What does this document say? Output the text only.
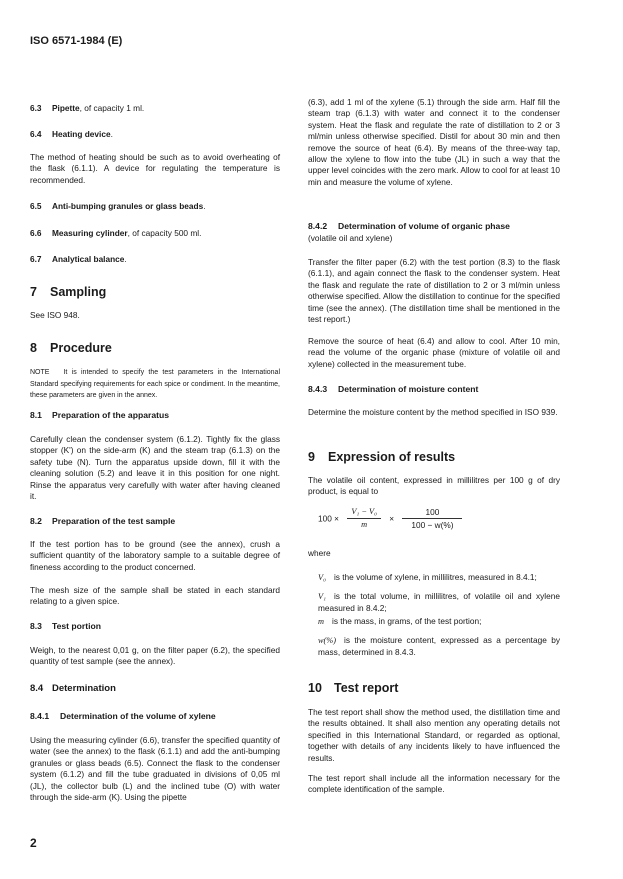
ISO 6571-1984 (E)
6.3 Pipette, of capacity 1 ml.
6.4 Heating device.
The method of heating should be such as to avoid overheating of the flask (6.1.1). A device for regulating the temperature is recommended.
6.5 Anti-bumping granules or glass beads.
6.6 Measuring cylinder, of capacity 500 ml.
6.7 Analytical balance.
7 Sampling
See ISO 948.
8 Procedure
NOTE It is intended to specify the test parameters in the International Standard specifying requirements for each spice or condiment. In the meantime, these parameters are given in the annex.
8.1 Preparation of the apparatus
Carefully clean the condenser system (6.1.2). Tightly fix the glass stopper (K') on the side-arm (K) and the steam trap (6.1.3) on the safety tube (N). Turn the apparatus upside down, fill it with the cleaning solution (5.2) and leave it in this position for one night. Rinse the apparatus very carefully with water after having cleaned it.
8.2 Preparation of the test sample
If the test portion has to be ground (see the annex), crush a sufficient quantity of the laboratory sample to a suitable degree of fineness according to the product concerned.
The mesh size of the sample shall be stated in each standard relating to a given spice.
8.3 Test portion
Weigh, to the nearest 0,01 g, on the filter paper (6.2), the specified quantity of test sample (see the annex).
8.4 Determination
8.4.1 Determination of the volume of xylene
Using the measuring cylinder (6.6), transfer the specified quantity of water (see the annex) to the flask (6.1.1) and add the anti-bumping granules or glass beads (6.5). Connect the flask to the condenser system (6.1.2) and fill the tube graduated in divisions of 0,05 ml (JL), the collector bulb (L) and the inclined tube (O) with water through the side-arm (K). Using the pipette
(6.3), add 1 ml of the xylene (5.1) through the side arm. Half fill the steam trap (6.1.3) with water and connect it to the condenser system. Heat the flask and regulate the rate of distillation to 2 or 3 ml/min unless otherwise specified. Distil for about 30 min and then remove the source of heat (6.4). By means of the three-way tap, allow the xylene to flow into the tube (JL) in such a way that the upper level coincides with the zero mark. Allow to cool for at least 10 min and measure the volume of xylene.
8.4.2 Determination of volume of organic phase
(volatile oil and xylene)
Transfer the filter paper (6.2) with the test portion (8.3) to the flask (6.1.1), and again connect the flask to the condenser system. Heat the flask and regulate the rate of distillation to 2 or 3 ml/min unless otherwise specified. Allow the distillation to continue for the specified time (see the annex). (The distillation time shall be mentioned in the test report.)
Remove the source of heat (6.4) and allow to cool. After 10 min, read the volume of the organic phase (mixture of volatile oil and xylene) collected in the measurement tube.
8.4.3 Determination of moisture content
Determine the moisture content by the method specified in ISO 939.
9 Expression of results
The volatile oil content, expressed in millilitres per 100 g of dry product, is equal to
$100 \times \frac{\text{V₁ − V₀}}{m} \times \frac{100}{100 - w(\%)}$
where
V₀ is the volume of xylene, in millilitres, measured in 8.4.1;
V₁ is the total volume, in millilitres, of volatile oil and xylene measured in 8.4.2;
m is the mass, in grams, of the test portion;
w(%) is the moisture content, expressed as a percentage by mass, determined in 8.4.3.
10 Test report
The test report shall show the method used, the distillation time and the results obtained. It shall also mention any operating details not specified in this International Standard, or regarded as optional, together with details of any incidents likely to have influenced the results.
The test report shall include all the information necessary for the complete identification of the sample.
2
